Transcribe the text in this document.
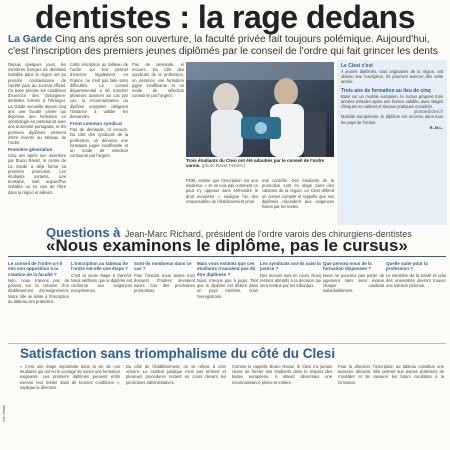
dentistes : la rage dedans
La Garde Cinq ans après son ouverture, la faculté privée fait toujours polémique. Aujourd'hui, c'est l'inscription des premiers jeunes diplômés par le conseil de l'ordre qui fait grincer les dents
Depuis quelques jours, les membres français de dentistes installés dans la région ont pu prendre connaissance de l'arrêté paru au Journal officiel. Ce texte précise les conditions d'exercice des chirurgiens-dentistes formés à l'étranger. La Garde accueille depuis cinq ans une faculté privée qui dispense une formation en odontologie en partenariat avec une université portugaise, et les premiers diplômés viennent d'être inscrits au tableau de l'ordre.
Première génération
Cinq ans après son ouverture par Bruno Ravaz, le centre de La Garde a déjà formé sa première promotion. Les étudiants sortants, une trentaine, sont aujourd'hui installés ou en voie de l'être dans la région et ailleurs.
Cette inscription au tableau de l'ordre, qui leur permet d'exercer légalement en France, ne s'est pas faite sans difficultés. Le conseil départemental a dû trancher plusieurs dossiers au cas par cas, la reconnaissance du diplôme européen obligeant l'instance à valider les demandes.
Front commun syndical
Pas de demande, ni recours. Du côté des syndicats de la profession, on dénonce une formation jugée insuffisante et un mode de sélection contourné par l'argent.
Pas de demande, ni recours. Du côté des syndicats de la profession, on dénonce une formation jugée insuffisante et un mode de sélection contourné par l'argent.
Trois étudiants du Clesi ont été adoubés par le conseil de l'ordre varois. (photo Ravet Ferrero)
PDM, estime que l'inscription est une évidence. « Je ne vois pas comment on peut s'y opposer sans enfreindre le droit européen », souligne l'un des responsables de l'établissement privé.
mal contrôlé. Des étudiants de la promotion sont en stage dans des cabinets de la région. Le Clesi défend un cursus complet et rappelle que ses diplômés répondent aux exigences fixées par les textes.
Le Clesi c'est
4 jeunes diplômés, tous originaires de la région, ont obtenu leur inscription. Ils pourront exercer dès cette année.
Trois ans de formation au lieu de cinq
Basé sur un modèle européen, le cursus propose trois années d'études après une licence validée, avec stages cliniques en cabinet et travaux pratiques encadrés.
plosste@clesi.fr
Mobilité européenne, le diplôme est reconnu dans tous les pays de l'Union.
R.-M.L.
Questions à Jean-Marc Richard, président de l'ordre varois des chirurgiens-dentistes
«Nous examinons le diplôme, pas le cursus»
Le conseil de l'ordre a-t-il mis son opposition à la création de la faculté ?
Non, nous n'avons pas de pouvoir sur la création d'un établissement d'enseignement. Notre rôle se limite à l'inscription au tableau des praticiens.
L'inscription au tableau de l'ordre est-elle une étape ?
C'est la seule étape à franchir. Nous vérifions que le diplôme est conforme aux exigences européennes.
Sont-ils nombreux dans ce cas ?
Pour l'instant nous avons trois dossiers. D'autres devraient suivre lors des prochaines promotions.
Mais vous estimez que ces étudiants n'auraient pas dû être diplômés ?
Nous n'avons pas à juger. Tant que le diplôme est délivré dans un pays membre, nous l'enregistrons.
Les syndicats ont-ils saisi la justice ?
Des recours sont en cours. Nous restons attentifs à la décision qui sera rendue par les tribunaux.
Que pensez-vous de la formation dispensée ?
Nous ne pouvons pas porter de jugement sans avoir évalué chaque candidat individuellement.
Quelle suite pour la profession ?
Le ministère de la Santé et celui des universités devront trouver une solution pérenne.
Satisfaction sans triomphalisme du côté du Clesi
« C'est une étape importante dans la vie de nos étudiants qui ont eu le courage de suivre une formation exigeante. Les premiers diplômés peuvent enfin exercer leur métier dans de bonnes conditions », explique la direction.
Du côté de l'établissement, on se refuse à crier victoire. Le combat juridique n'est pas terminé et plusieurs procédures restent en cours devant les juridictions administratives.
Comme le rappelle Bruno Ravaz, le Clesi n'a jamais cessé de former ses étudiants dans le respect des textes européens. Il attend désormais une reconnaissance pleine et entière.
Pour la direction, l'inscription au tableau constitue une avancée décisive. Elle permet aux jeunes praticiens de s'installer et de rassurer les futurs candidats à la formation.
Var-Matin
